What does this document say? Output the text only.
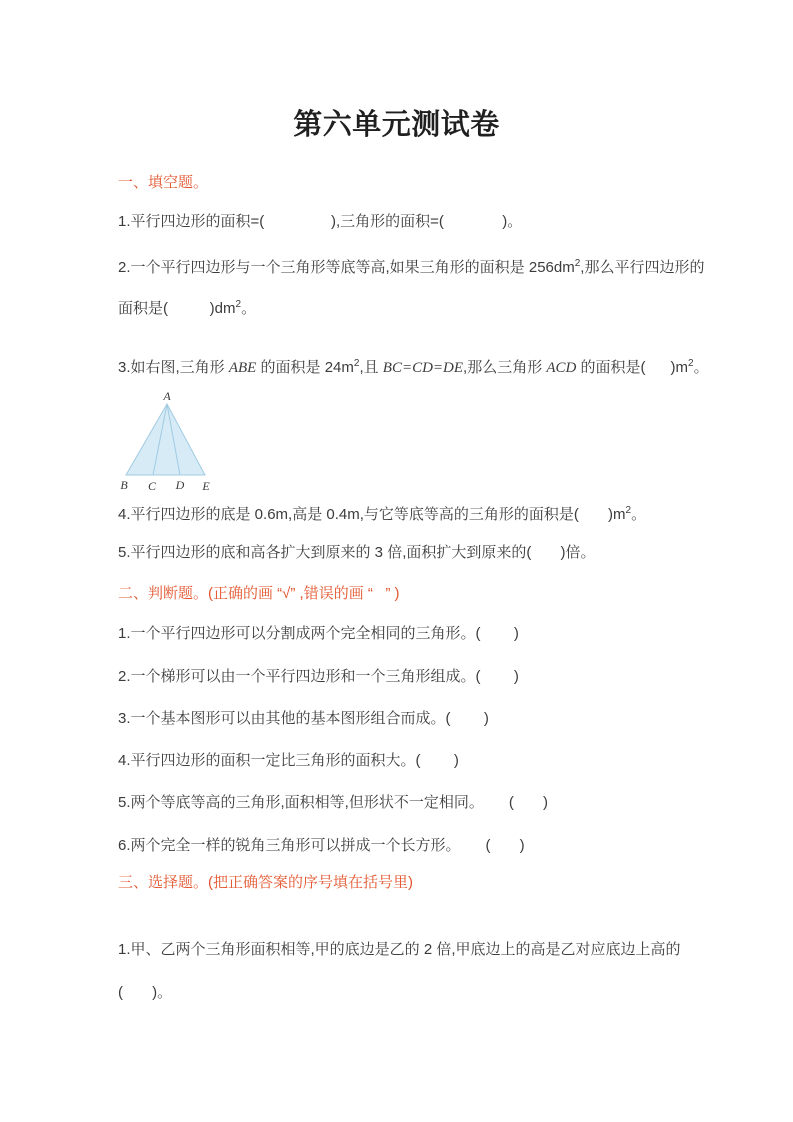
第六单元测试卷
一、填空题。
1.平行四边形的面积=(                ),三角形的面积=(              )。
2.一个平行四边形与一个三角形等底等高,如果三角形的面积是 $256dm^2$,那么平行四边形的
面积是(          )$dm^2$。
3.如右图,三角形 ABE 的面积是 $24m^2$,且 BC=CD=DE,那么三角形 ACD 的面积是(      )$m^2$。
A
B C D E
4.平行四边形的底是 0.6m,高是 0.4m,与它等底等高的三角形的面积是(       )$m^2$。
5.平行四边形的底和高各扩大到原来的 3 倍,面积扩大到原来的(       )倍。
二、判断题。(正确的画 “√” ,错误的画 “   ” )
1.一个平行四边形可以分割成两个完全相同的三角形。(        )
2.一个梯形可以由一个平行四边形和一个三角形组成。(        )
3.一个基本图形可以由其他的基本图形组合而成。(        )
4.平行四边形的面积一定比三角形的面积大。(        )
5.两个等底等高的三角形,面积相等,但形状不一定相同。      (       )
6.两个完全一样的锐角三角形可以拼成一个长方形。      (       )
三、选择题。(把正确答案的序号填在括号里)
1.甲、乙两个三角形面积相等,甲的底边是乙的 2 倍,甲底边上的高是乙对应底边上高的
(       )。
